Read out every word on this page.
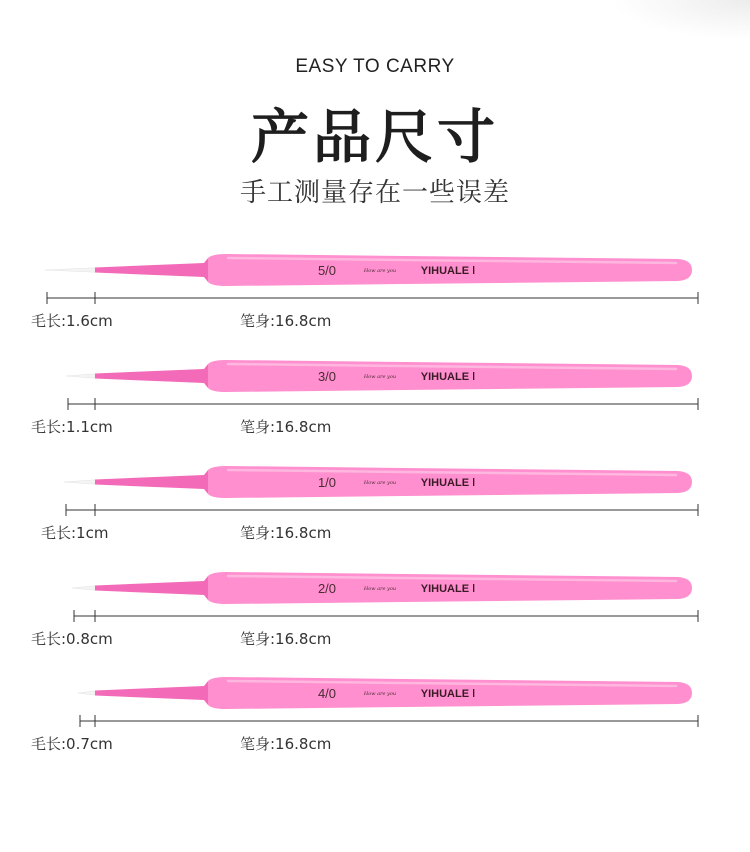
EASY TO CARRY
产品尺寸
手工测量存在一些误差
5/0	How are you YIHUALE ǀ
毛长:1.6cm	笔身:16.8cm
3/0	How are you YIHUALE ǀ
毛长:1.1cm	笔身:16.8cm
1/0	How are you YIHUALE ǀ
毛长:1cm	笔身:16.8cm
2/0	How are you YIHUALE ǀ
毛长:0.8cm	笔身:16.8cm
4/0	How are you YIHUALE ǀ
毛长:0.7cm	笔身:16.8cm
